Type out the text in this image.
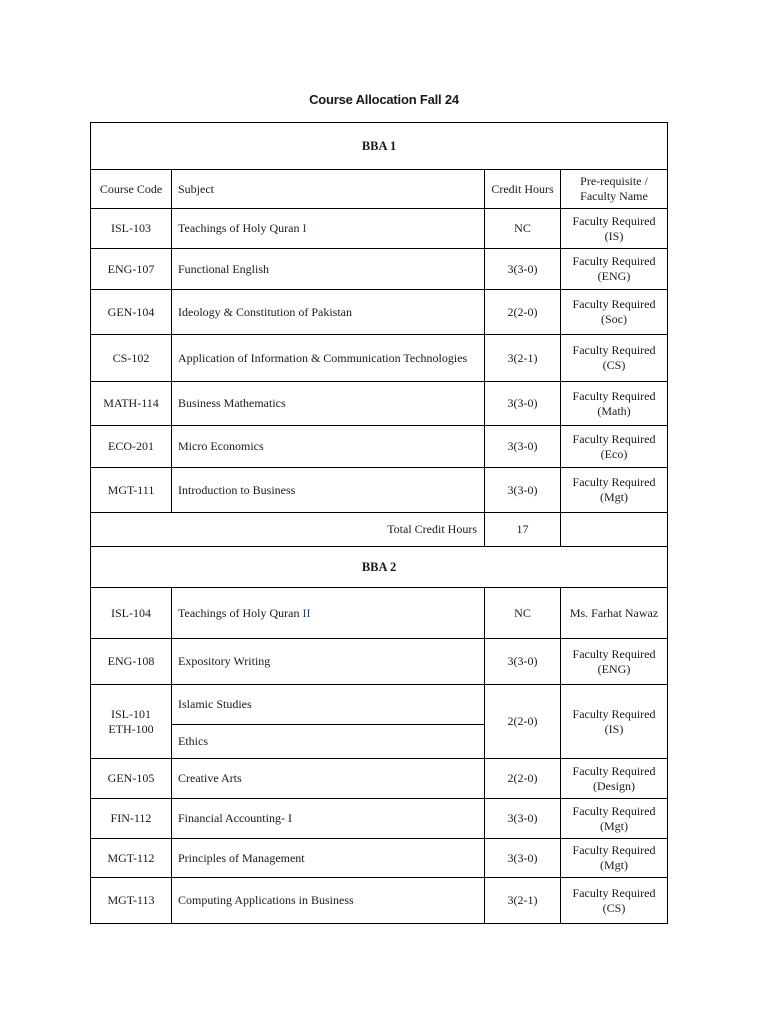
Course Allocation Fall 24
BBA 1			
Course Code	Subject	Credit Hours	Pre-requisite / Faculty Name
ISL-103	Teachings of Holy Quran I	NC	Faculty Required (IS)
ENG-107	Functional English	3(3-0)	Faculty Required (ENG)
GEN-104	Ideology & Constitution of Pakistan	2(2-0)	Faculty Required (Soc)
CS-102	Application of Information & Communication Technologies	3(2-1)	Faculty Required (CS)
MATH-114	Business Mathematics	3(3-0)	Faculty Required (Math)
ECO-201	Micro Economics	3(3-0)	Faculty Required (Eco)
MGT-111	Introduction to Business	3(3-0)	Faculty Required (Mgt)
Total Credit Hours		17	
BBA 2			
ISL-104	Teachings of Holy Quran II	NC	Ms. Farhat Nawaz
ENG-108	Expository Writing	3(3-0)	Faculty Required (ENG)
ISL-101 ETH-100	Islamic Studies	2(2-0)	Faculty Required (IS)
	Ethics		
GEN-105	Creative Arts	2(2-0)	Faculty Required (Design)
FIN-112	Financial Accounting- I	3(3-0)	Faculty Required (Mgt)
MGT-112	Principles of Management	3(3-0)	Faculty Required (Mgt)
MGT-113	Computing Applications in Business	3(2-1)	Faculty Required (CS)
